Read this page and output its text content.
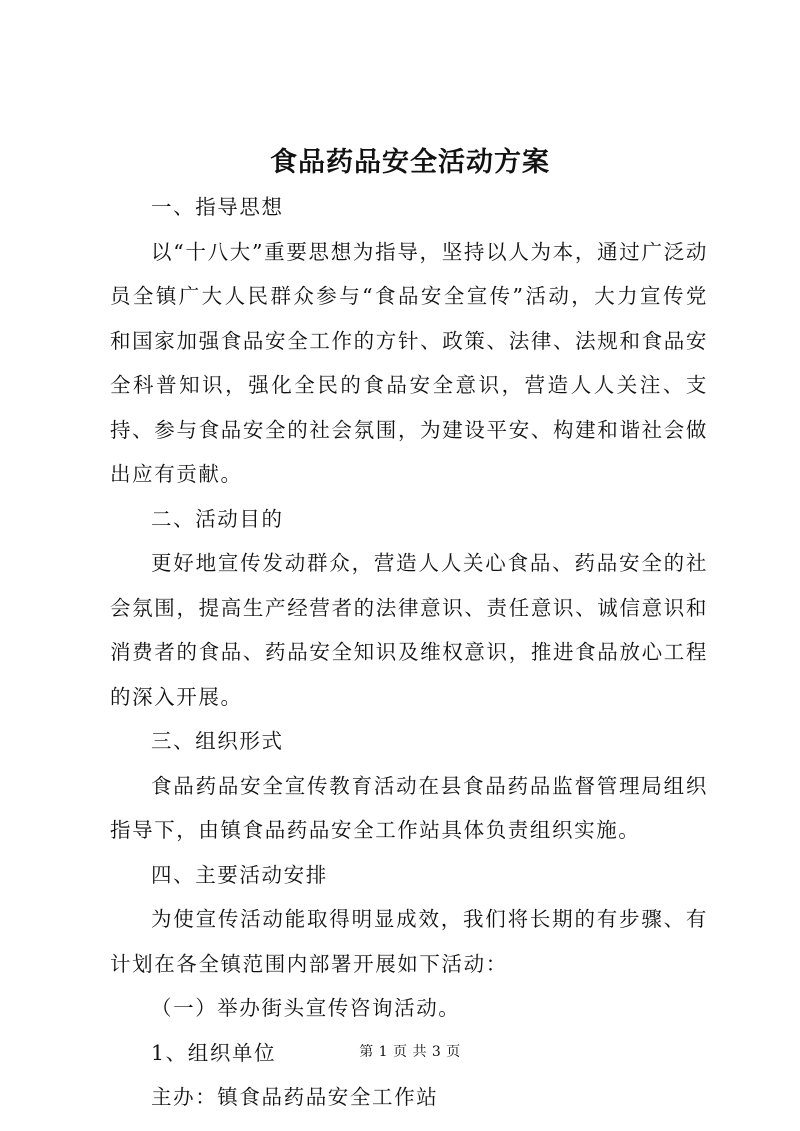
食品药品安全活动方案

一、指导思想

以“十八大”重要思想为指导，坚持以人为本，通过广泛动员全镇广大人民群众参与“食品安全宣传”活动，大力宣传党和国家加强食品安全工作的方针、政策、法律、法规和食品安全科普知识，强化全民的食品安全意识，营造人人关注、支持、参与食品安全的社会氛围，为建设平安、构建和谐社会做出应有贡献。

二、活动目的

更好地宣传发动群众，营造人人关心食品、药品安全的社会氛围，提高生产经营者的法律意识、责任意识、诚信意识和消费者的食品、药品安全知识及维权意识，推进食品放心工程的深入开展。

三、组织形式

食品药品安全宣传教育活动在县食品药品监督管理局组织指导下，由镇食品药品安全工作站具体负责组织实施。

四、主要活动安排

为使宣传活动能取得明显成效，我们将长期的有步骤、有计划在各全镇范围内部署开展如下活动：

（一）举办街头宣传咨询活动。

1、组织单位

主办：镇食品药品安全工作站

第 1 页 共 3 页
